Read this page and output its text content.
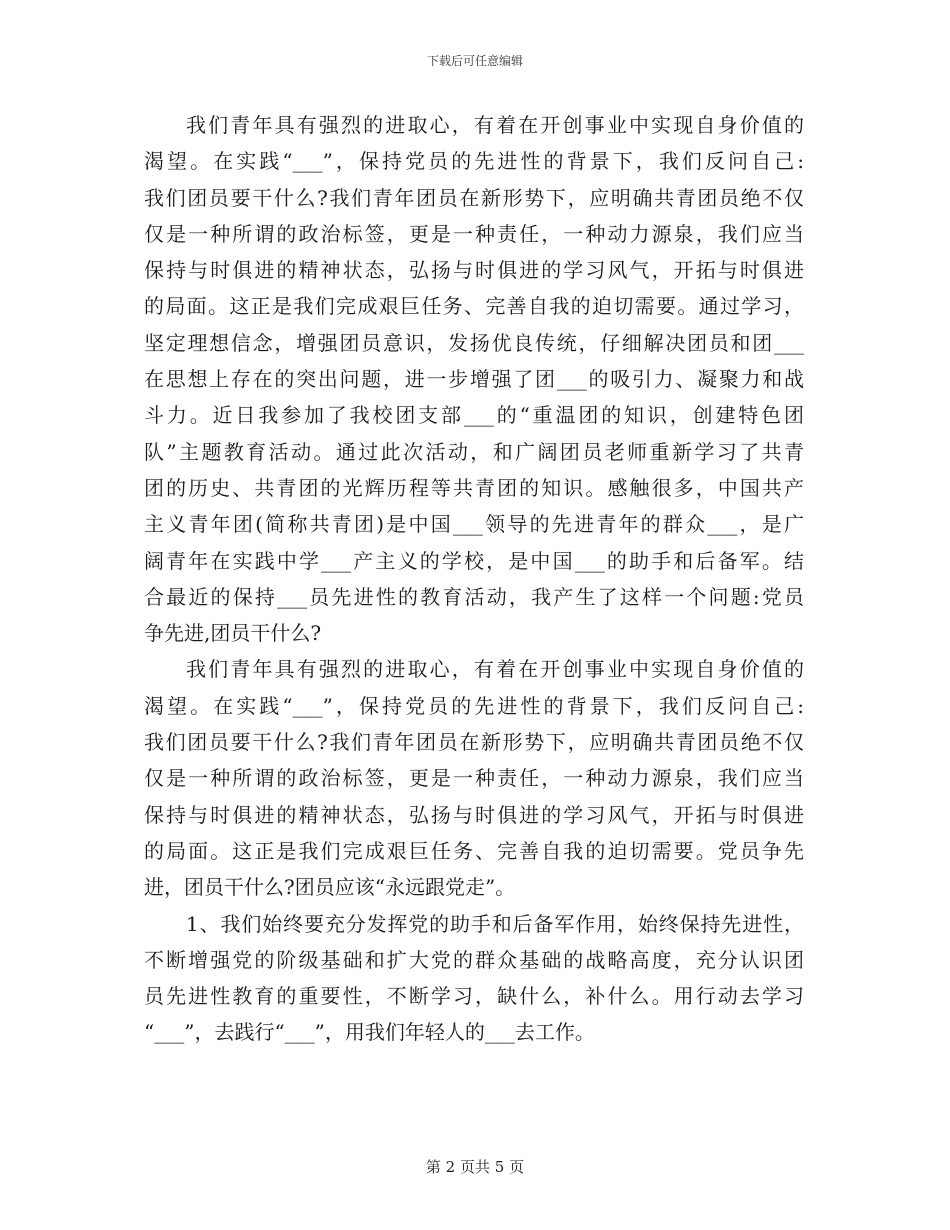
下载后可任意编辑
我们青年具有强烈的进取心，有着在开创事业中实现自身价值的
渴望。在实践“___”，保持党员的先进性的背景下，我们反问自己:
我们团员要干什么?我们青年团员在新形势下，应明确共青团员绝不仅
仅是一种所谓的政治标签，更是一种责任，一种动力源泉，我们应当
保持与时俱进的精神状态，弘扬与时俱进的学习风气，开拓与时俱进
的局面。这正是我们完成艰巨任务、完善自我的迫切需要。通过学习，
坚定理想信念，增强团员意识，发扬优良传统，仔细解决团员和团___
在思想上存在的突出问题，进一步增强了团___的吸引力、凝聚力和战
斗力。近日我参加了我校团支部___的“重温团的知识，创建特色团
队”主题教育活动。通过此次活动，和广阔团员老师重新学习了共青
团的历史、共青团的光辉历程等共青团的知识。感触很多，中国共产
主义青年团(简称共青团)是中国___领导的先进青年的群众___，是广
阔青年在实践中学___产主义的学校，是中国___的助手和后备军。结
合最近的保持___员先进性的教育活动，我产生了这样一个问题:党员
争先进,团员干什么?
我们青年具有强烈的进取心，有着在开创事业中实现自身价值的
渴望。在实践“___”，保持党员的先进性的背景下，我们反问自己:
我们团员要干什么?我们青年团员在新形势下，应明确共青团员绝不仅
仅是一种所谓的政治标签，更是一种责任，一种动力源泉，我们应当
保持与时俱进的精神状态，弘扬与时俱进的学习风气，开拓与时俱进
的局面。这正是我们完成艰巨任务、完善自我的迫切需要。党员争先
进，团员干什么?团员应该“永远跟党走”。
1、我们始终要充分发挥党的助手和后备军作用，始终保持先进性，
不断增强党的阶级基础和扩大党的群众基础的战略高度，充分认识团
员先进性教育的重要性，不断学习，缺什么，补什么。用行动去学习
“___”，去践行“___”，用我们年轻人的___去工作。
第 2 页共 5 页
